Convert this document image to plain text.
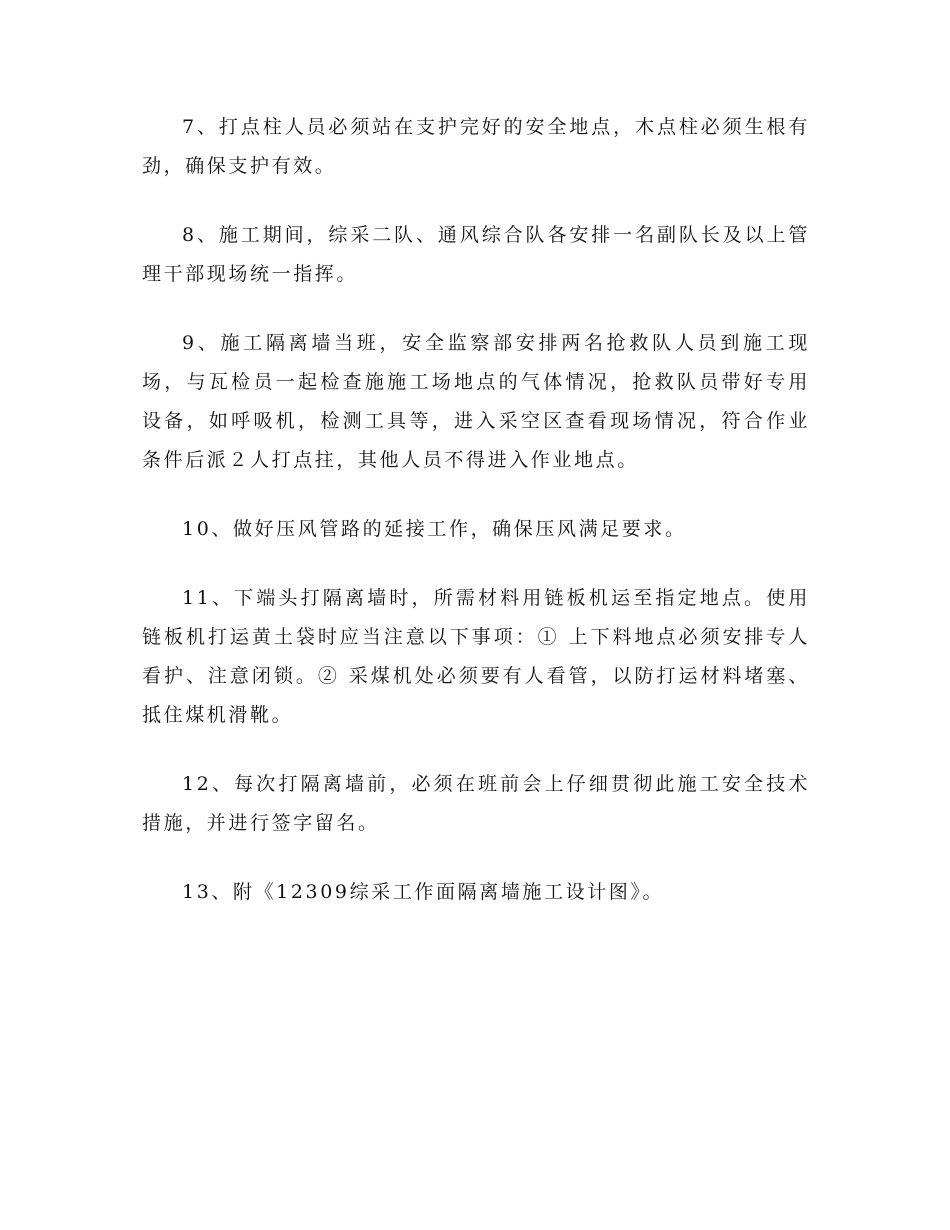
7、打点柱人员必须站在支护完好的安全地点，木点柱必须生根有劲，确保支护有效。

8、施工期间，综采二队、通风综合队各安排一名副队长及以上管理干部现场统一指挥。

9、施工隔离墙当班，安全监察部安排两名抢救队人员到施工现场，与瓦检员一起检查施施工场地点的气体情况，抢救队员带好专用设备，如呼吸机，检测工具等，进入采空区查看现场情况，符合作业条件后派２人打点拄，其他人员不得进入作业地点。

10、做好压风管路的延接工作，确保压风满足要求。

11、下端头打隔离墙时，所需材料用链板机运至指定地点。使用链板机打运黄土袋时应当注意以下事项：① 上下料地点必须安排专人看护、注意闭锁。② 采煤机处必须要有人看管，以防打运材料堵塞、抵住煤机滑靴。

12、每次打隔离墙前，必须在班前会上仔细贯彻此施工安全技术措施，并进行签字留名。

13、附《12309综采工作面隔离墙施工设计图》。
